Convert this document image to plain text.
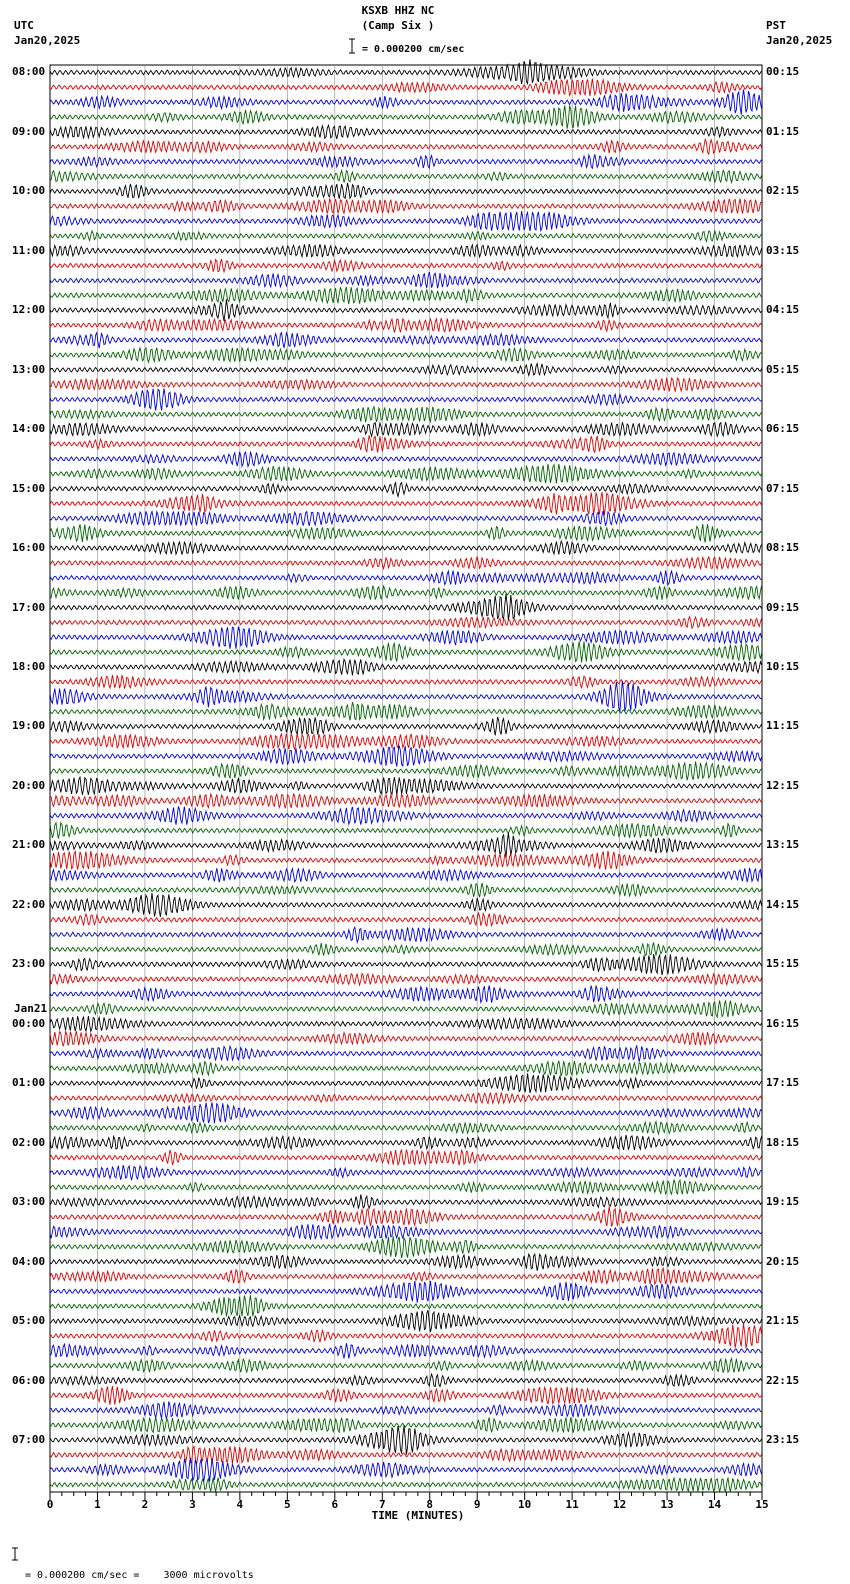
KSXB HHZ NC
(Camp Six )
= 0.000200 cm/sec
UTC
Jan20,2025
PST
Jan20,2025
TIME (MINUTES)
= 0.000200 cm/sec =    3000 microvolts
Jan21
0	1	2	3	4	5	6	7	8	9	10	11	12	13	14	15
08:00
09:00
10:00
11:00
12:00
13:00
14:00
15:00
16:00
17:00
18:00
19:00
20:00
21:00
22:00
23:00
00:00
01:00
02:00
03:00
04:00
05:00
06:00
07:00
00:15
01:15
02:15
03:15
04:15
05:15
06:15
07:15
08:15
09:15
10:15
11:15
12:15
13:15
14:15
15:15
16:15
17:15
18:15
19:15
20:15
21:15
22:15
23:15
